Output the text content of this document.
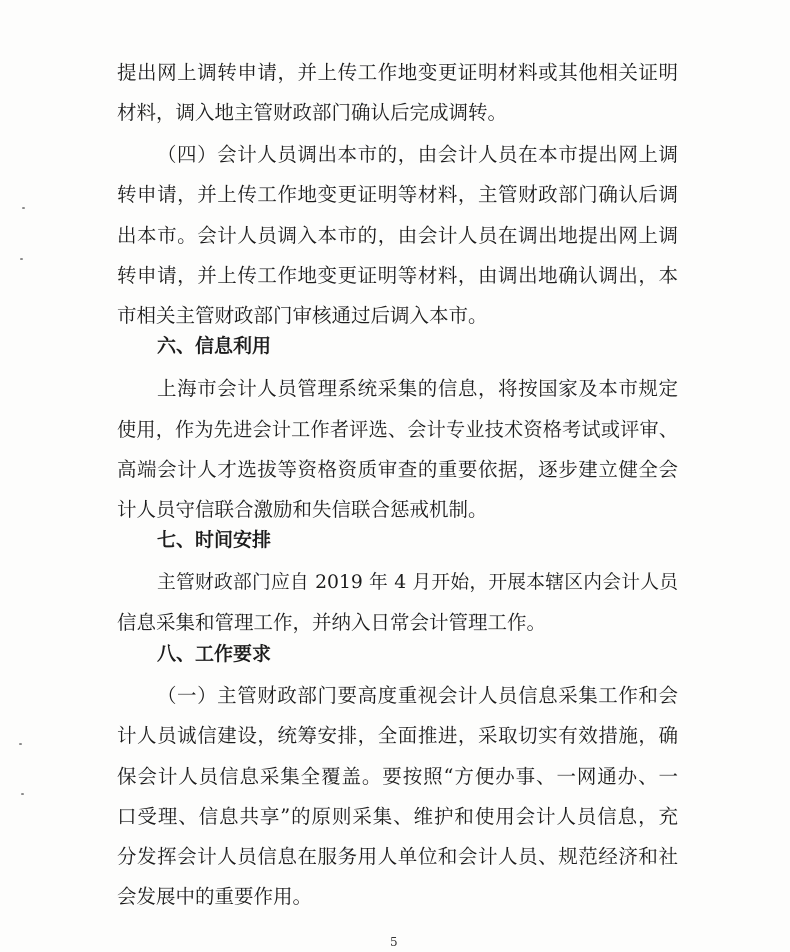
提出网上调转申请，并上传工作地变更证明材料或其他相关证明
材料，调入地主管财政部门确认后完成调转。
（四）会计人员调出本市的，由会计人员在本市提出网上调
转申请，并上传工作地变更证明等材料，主管财政部门确认后调
出本市。会计人员调入本市的，由会计人员在调出地提出网上调
转申请，并上传工作地变更证明等材料，由调出地确认调出，本
市相关主管财政部门审核通过后调入本市。
六、信息利用
上海市会计人员管理系统采集的信息，将按国家及本市规定
使用，作为先进会计工作者评选、会计专业技术资格考试或评审、
高端会计人才选拔等资格资质审查的重要依据，逐步建立健全会
计人员守信联合激励和失信联合惩戒机制。
七、时间安排
主管财政部门应自 2019 年 4 月开始，开展本辖区内会计人员
信息采集和管理工作，并纳入日常会计管理工作。
八、工作要求
（一）主管财政部门要高度重视会计人员信息采集工作和会
计人员诚信建设，统筹安排，全面推进，采取切实有效措施，确
保会计人员信息采集全覆盖。要按照“方便办事、一网通办、一
口受理、信息共享”的原则采集、维护和使用会计人员信息，充
分发挥会计人员信息在服务用人单位和会计人员、规范经济和社
会发展中的重要作用。
5
